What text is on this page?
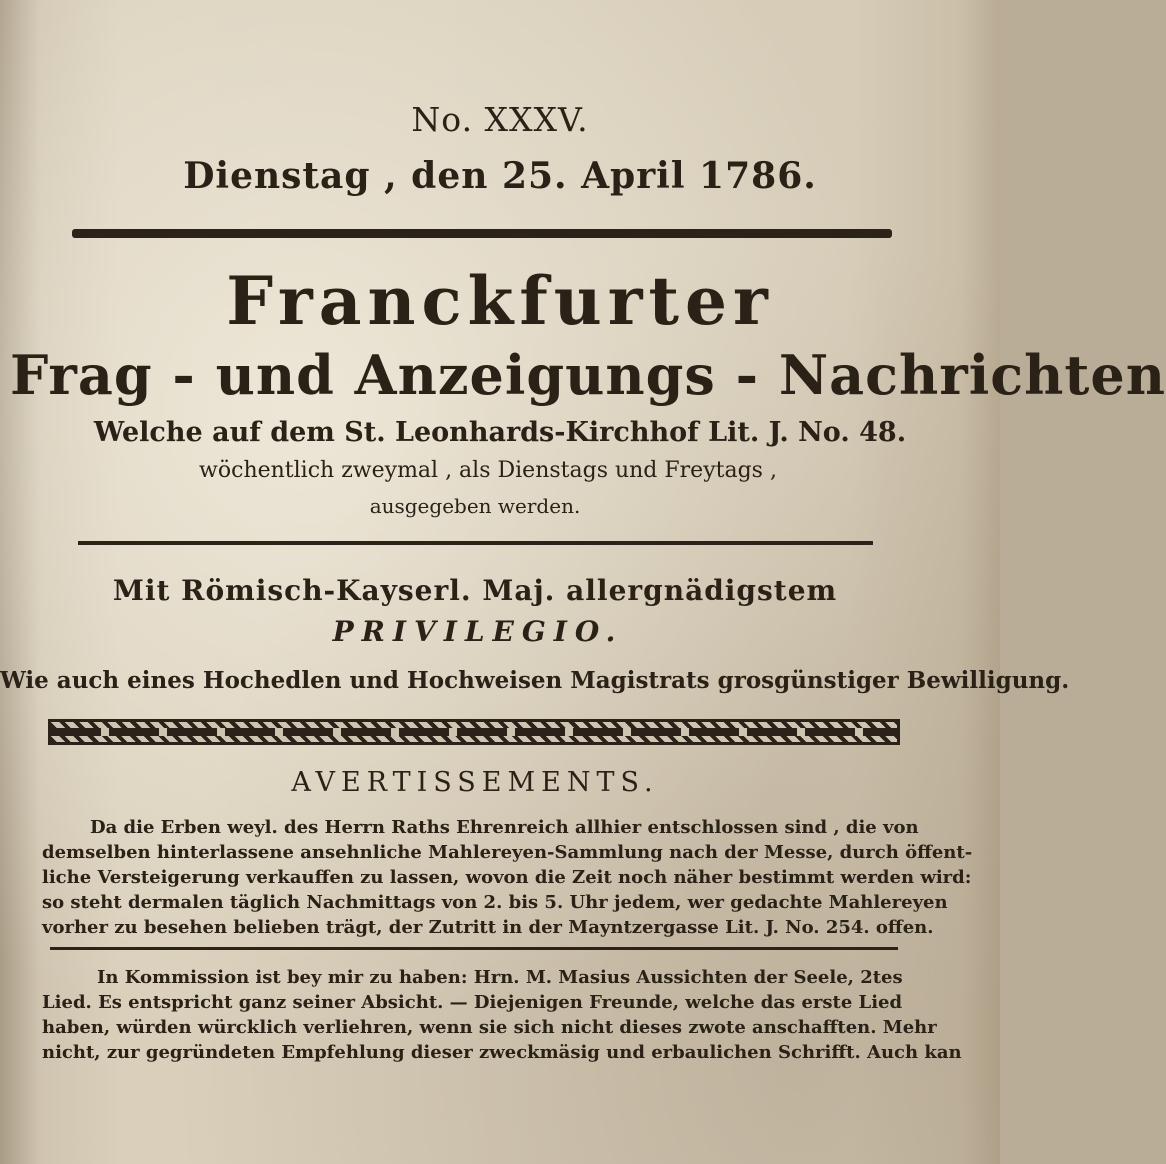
No. XXXV.
Dienstag , den 25. April 1786.
Franckfurter
Frag - und Anzeigungs - Nachrichten
Welche auf dem St. Leonhards-Kirchhof Lit. J. No. 48.
wöchentlich zweymal , als Dienstags und Freytags ,
ausgegeben werden.
Mit Römisch-Kayserl. Maj. allergnädigstem
PRIVILEGIO.
Wie auch eines Hochedlen und Hochweisen Magistrats grosgünstiger Bewilligung.
AVERTISSEMENTS.
Da die Erben weyl. des Herrn Raths Ehrenreich allhier entschlossen sind , die von
demselben hinterlassene ansehnliche Mahlereyen-Sammlung nach der Messe, durch öffent-
liche Versteigerung verkauffen zu lassen, wovon die Zeit noch näher bestimmt werden wird:
so steht dermalen täglich Nachmittags von 2. bis 5. Uhr jedem, wer gedachte Mahlereyen
vorher zu besehen belieben trägt, der Zutritt in der Mayntzergasse Lit. J. No. 254. offen.
In Kommission ist bey mir zu haben: Hrn. M. Masius Aussichten der Seele, 2tes
Lied. Es entspricht ganz seiner Absicht. — Diejenigen Freunde, welche das erste Lied
haben, würden würcklich verliehren, wenn sie sich nicht dieses zwote anschafften. Mehr
nicht, zur gegründeten Empfehlung dieser zweckmäsig und erbaulichen Schrifft. Auch kan
